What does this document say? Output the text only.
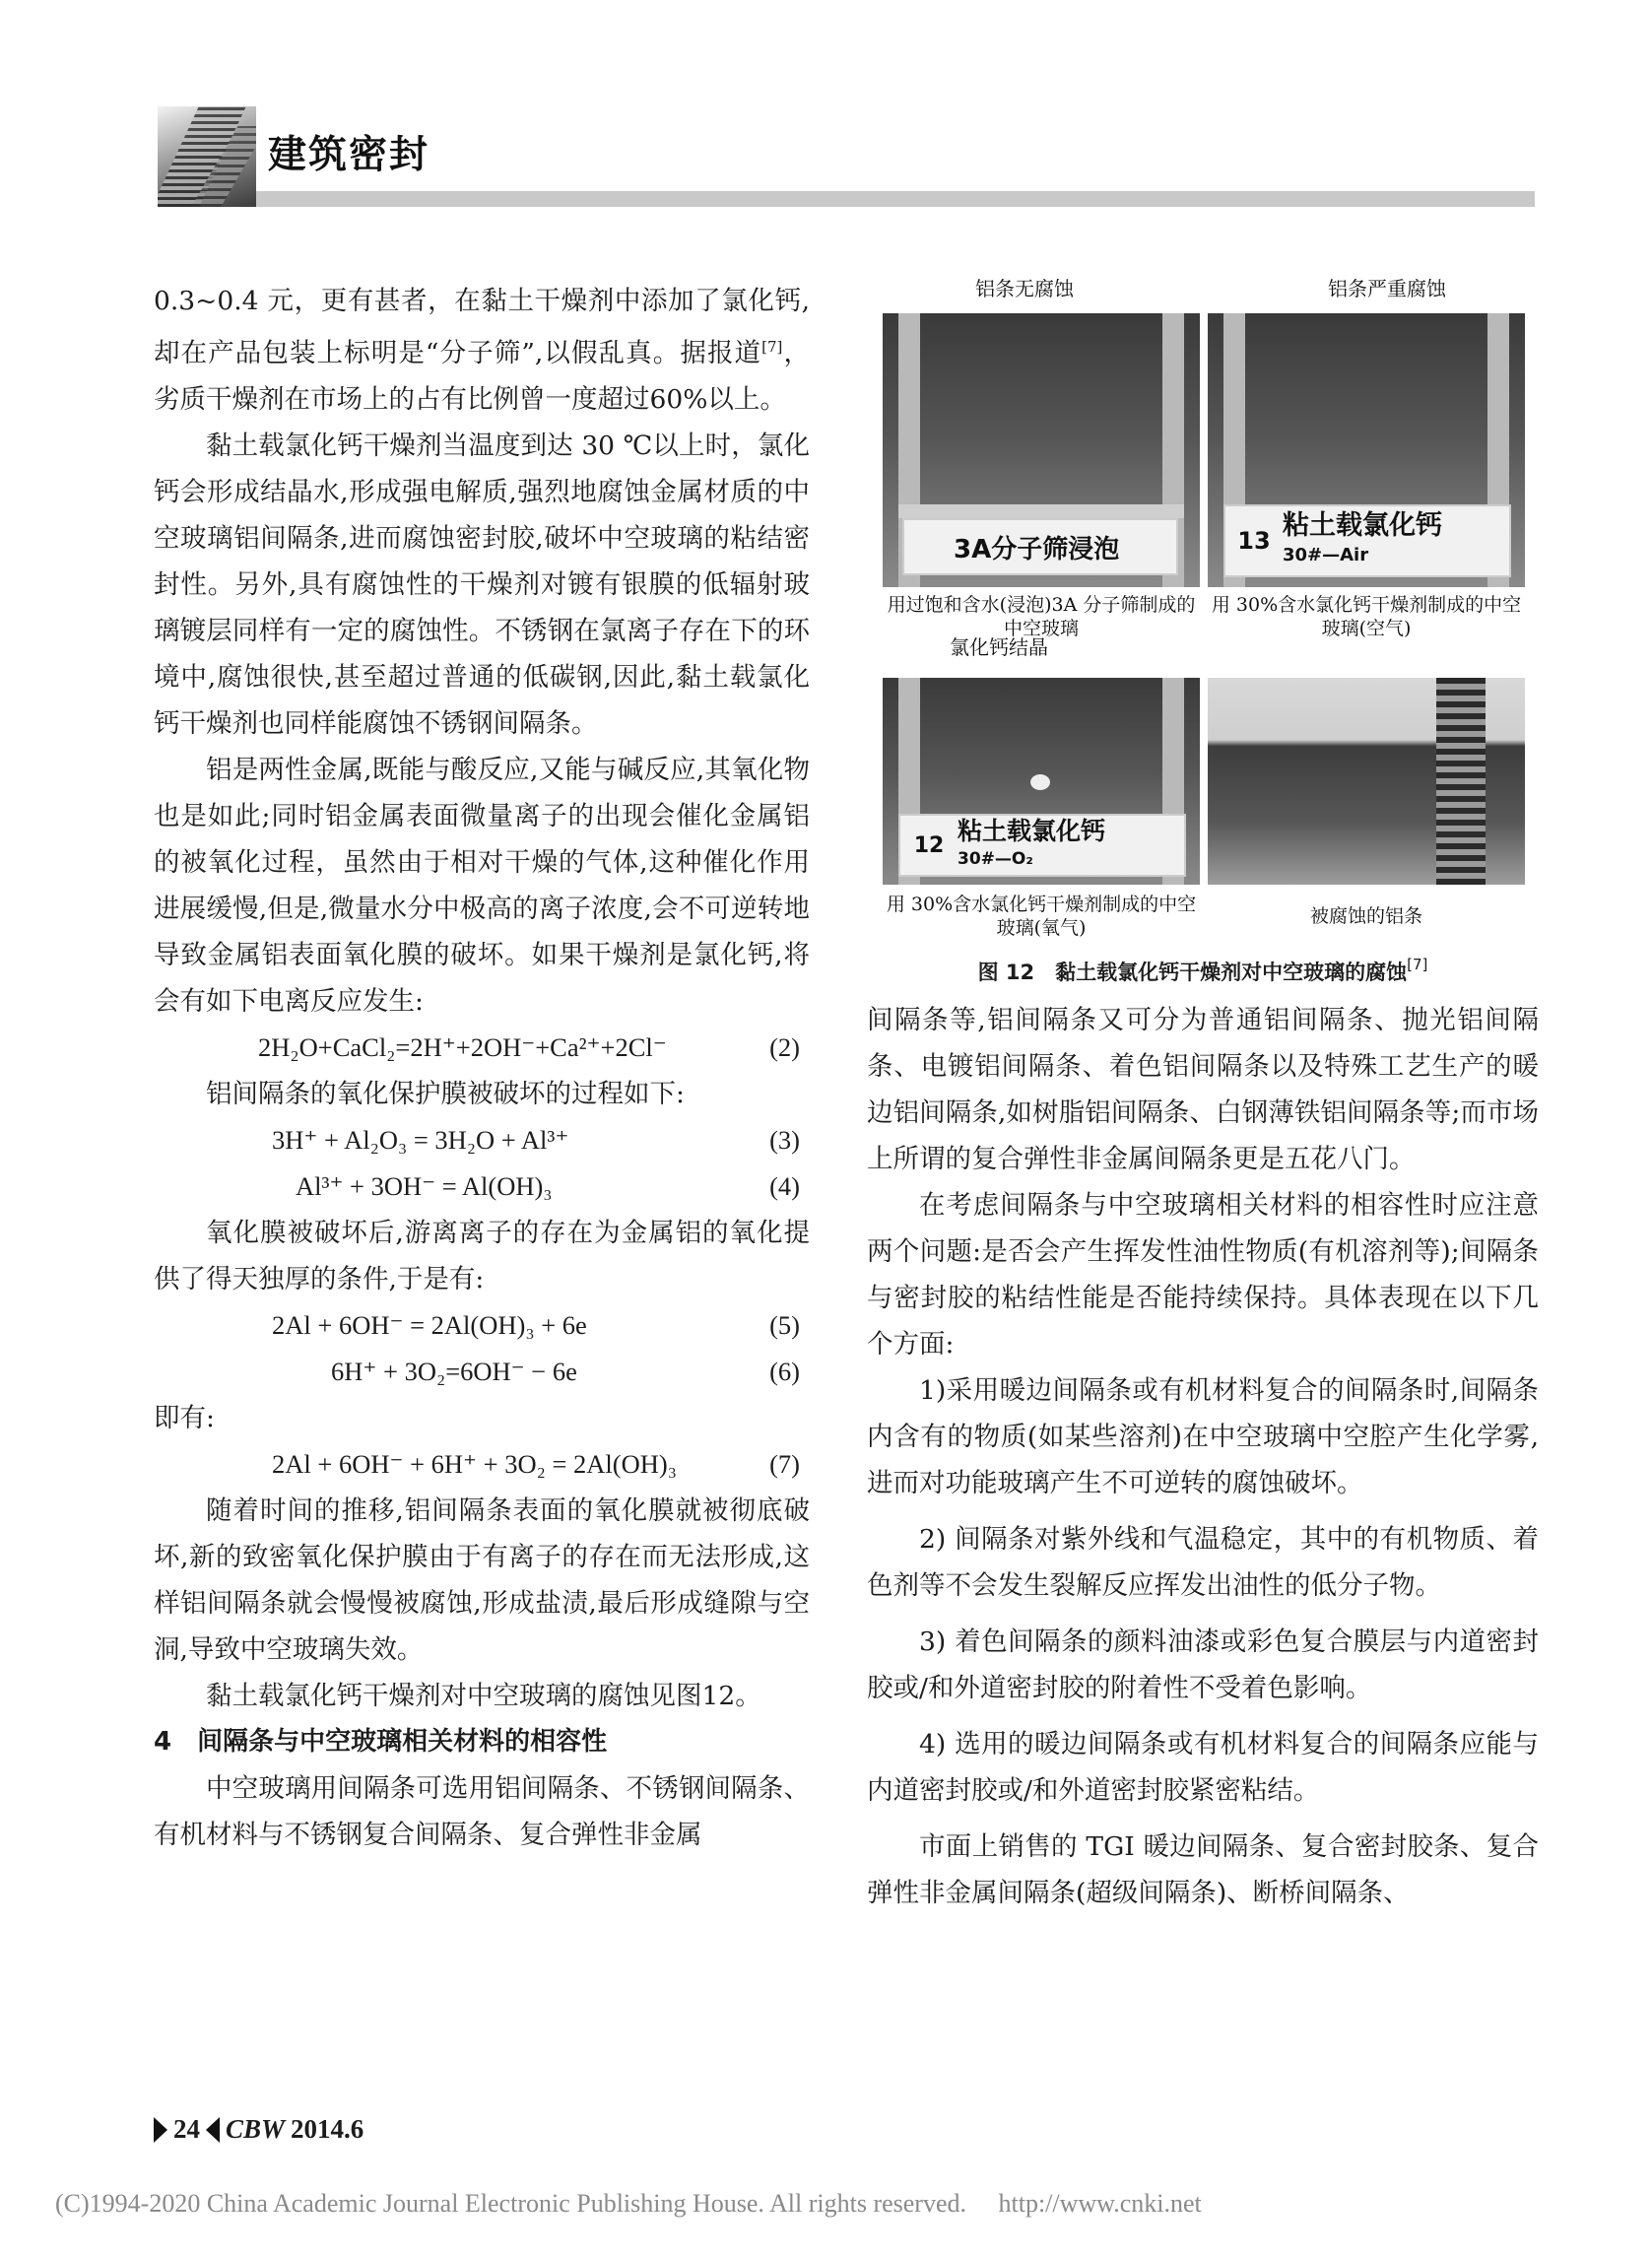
建筑密封

0.3~0.4 元，更有甚者，在黏土干燥剂中添加了氯化钙,却在产品包装上标明是“分子筛”,以假乱真。据报道[7]，劣质干燥剂在市场上的占有比例曾一度超过60%以上。

黏土载氯化钙干燥剂当温度到达 30 ℃以上时，氯化钙会形成结晶水,形成强电解质,强烈地腐蚀金属材质的中空玻璃铝间隔条,进而腐蚀密封胶,破坏中空玻璃的粘结密封性。另外,具有腐蚀性的干燥剂对镀有银膜的低辐射玻璃镀层同样有一定的腐蚀性。不锈钢在氯离子存在下的环境中,腐蚀很快,甚至超过普通的低碳钢,因此,黏土载氯化钙干燥剂也同样能腐蚀不锈钢间隔条。

铝是两性金属,既能与酸反应,又能与碱反应,其氧化物也是如此;同时铝金属表面微量离子的出现会催化金属铝的被氧化过程，虽然由于相对干燥的气体,这种催化作用进展缓慢,但是,微量水分中极高的离子浓度,会不可逆转地导致金属铝表面氧化膜的破坏。如果干燥剂是氯化钙,将会有如下电离反应发生:

2H₂O+CaCl₂=2H⁺+2OH⁻+Ca²⁺+2Cl⁻	(2)

铝间隔条的氧化保护膜被破坏的过程如下:

3H⁺ + Al₂O₃ = 3H₂O + Al³⁺	(3)
Al³⁺ + 3OH⁻ = Al(OH)₃	(4)

氧化膜被破坏后,游离离子的存在为金属铝的氧化提供了得天独厚的条件,于是有:

2Al + 6OH⁻ = 2Al(OH)₃ + 6e	(5)
6H⁺ + 3O₂=6OH⁻ − 6e	(6)

即有:

2Al + 6OH⁻ + 6H⁺ + 3O₂ = 2Al(OH)₃	(7)

随着时间的推移,铝间隔条表面的氧化膜就被彻底破坏,新的致密氧化保护膜由于有离子的存在而无法形成,这样铝间隔条就会慢慢被腐蚀,形成盐渍,最后形成缝隙与空洞,导致中空玻璃失效。

黏土载氯化钙干燥剂对中空玻璃的腐蚀见图12。

4　间隔条与中空玻璃相关材料的相容性

中空玻璃用间隔条可选用铝间隔条、不锈钢间隔条、有机材料与不锈钢复合间隔条、复合弹性非金属

3A分子筛浸泡
铝条无腐蚀
用过饱和含水(浸泡)3A 分子筛制成的中空玻璃
13 粘土载氯化钙
30#—Air
铝条严重腐蚀
用 30%含水氯化钙干燥剂制成的中空玻璃(空气)
12 粘土载氯化钙
30#—O₂
氯化钙结晶
用 30%含水氯化钙干燥剂制成的中空玻璃(氧气)
被腐蚀的铝条
图 12　黏土载氯化钙干燥剂对中空玻璃的腐蚀[7]

间隔条等,铝间隔条又可分为普通铝间隔条、抛光铝间隔条、电镀铝间隔条、着色铝间隔条以及特殊工艺生产的暖边铝间隔条,如树脂铝间隔条、白钢薄铁铝间隔条等;而市场上所谓的复合弹性非金属间隔条更是五花八门。

在考虑间隔条与中空玻璃相关材料的相容性时应注意两个问题:是否会产生挥发性油性物质(有机溶剂等);间隔条与密封胶的粘结性能是否能持续保持。具体表现在以下几个方面:

1)采用暖边间隔条或有机材料复合的间隔条时,间隔条内含有的物质(如某些溶剂)在中空玻璃中空腔产生化学雾,进而对功能玻璃产生不可逆转的腐蚀破坏。

2) 间隔条对紫外线和气温稳定，其中的有机物质、着色剂等不会发生裂解反应挥发出油性的低分子物。

3) 着色间隔条的颜料油漆或彩色复合膜层与内道密封胶或/和外道密封胶的附着性不受着色影响。

4) 选用的暖边间隔条或有机材料复合的间隔条应能与内道密封胶或/和外道密封胶紧密粘结。

市面上销售的 TGI 暖边间隔条、复合密封胶条、复合弹性非金属间隔条(超级间隔条)、断桥间隔条、

24 CBW 2014.6
(C)1994-2020 China Academic Journal Electronic Publishing House. All rights reserved.　 http://www.cnki.net
